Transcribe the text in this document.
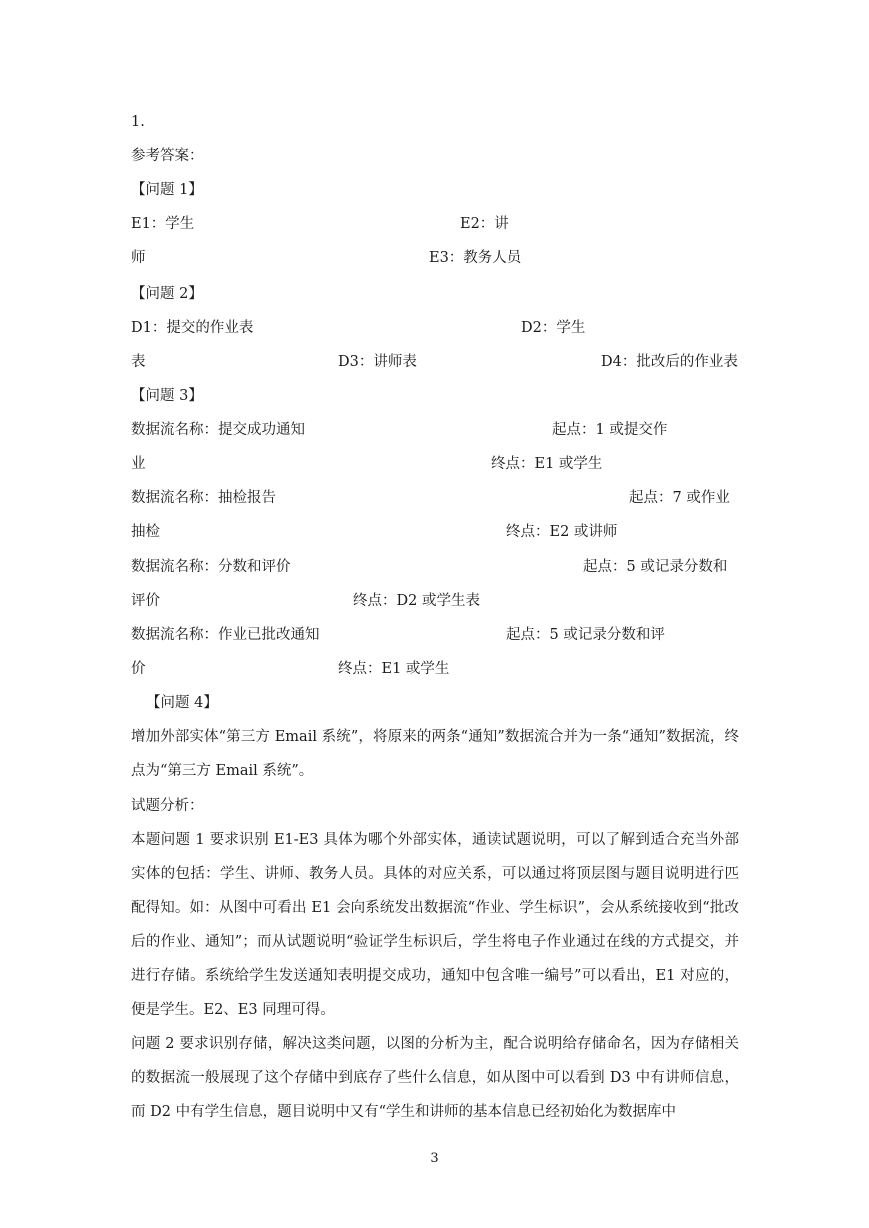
1.
参考答案：
【问题 1】
E1：学生	E2：讲
师	E3：教务人员
【问题 2】
D1：提交的作业表	D2：学生
表	D3：讲师表	D4：批改后的作业表
【问题 3】
数据流名称：提交成功通知	起点：1 或提交作
业	终点：E1 或学生
数据流名称：抽检报告	起点：7 或作业
抽检	终点：E2 或讲师
数据流名称：分数和评价	起点：5 或记录分数和
评价	终点：D2 或学生表
数据流名称：作业已批改通知	起点：5 或记录分数和评
价	终点：E1 或学生
【问题 4】
增加外部实体“第三方 Email 系统”，将原来的两条“通知”数据流合并为一条“通知”数据流，终点为“第三方 Email 系统”。
试题分析：
本题问题 1 要求识别 E1-E3 具体为哪个外部实体，通读试题说明，可以了解到适合充当外部实体的包括：学生、讲师、教务人员。具体的对应关系，可以通过将顶层图与题目说明进行匹配得知。如：从图中可看出 E1 会向系统发出数据流“作业、学生标识”，会从系统接收到“批改后的作业、通知”；而从试题说明“验证学生标识后，学生将电子作业通过在线的方式提交，并进行存储。系统给学生发送通知表明提交成功，通知中包含唯一编号”可以看出，E1 对应的，便是学生。E2、E3 同理可得。
问题 2 要求识别存储，解决这类问题，以图的分析为主，配合说明给存储命名，因为存储相关的数据流一般展现了这个存储中到底存了些什么信息，如从图中可以看到 D3 中有讲师信息，而 D2 中有学生信息，题目说明中又有“学生和讲师的基本信息已经初始化为数据库中
3
